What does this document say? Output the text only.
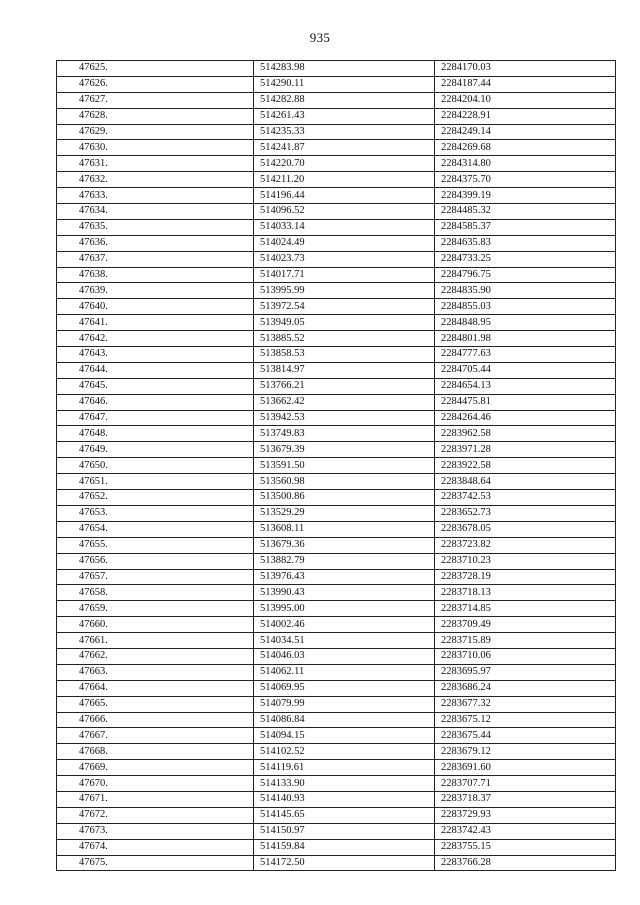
935
47625.	514283.98	2284170.03
47626.	514290.11	2284187.44
47627.	514282.88	2284204.10
47628.	514261.43	2284228.91
47629.	514235.33	2284249.14
47630.	514241.87	2284269.68
47631.	514220.70	2284314.80
47632.	514211.20	2284375.70
47633.	514196.44	2284399.19
47634.	514096.52	2284485.32
47635.	514033.14	2284585.37
47636.	514024.49	2284635.83
47637.	514023.73	2284733.25
47638.	514017.71	2284796.75
47639.	513995.99	2284835.90
47640.	513972.54	2284855.03
47641.	513949.05	2284848.95
47642.	513885.52	2284801.98
47643.	513858.53	2284777.63
47644.	513814.97	2284705.44
47645.	513766.21	2284654.13
47646.	513662.42	2284475.81
47647.	513942.53	2284264.46
47648.	513749.83	2283962.58
47649.	513679.39	2283971.28
47650.	513591.50	2283922.58
47651.	513560.98	2283848.64
47652.	513500.86	2283742.53
47653.	513529.29	2283652.73
47654.	513608.11	2283678.05
47655.	513679.36	2283723.82
47656.	513882.79	2283710.23
47657.	513976.43	2283728.19
47658.	513990.43	2283718.13
47659.	513995.00	2283714.85
47660.	514002.46	2283709.49
47661.	514034.51	2283715.89
47662.	514046.03	2283710.06
47663.	514062.11	2283695.97
47664.	514069.95	2283686.24
47665.	514079.99	2283677.32
47666.	514086.84	2283675.12
47667.	514094.15	2283675.44
47668.	514102.52	2283679.12
47669.	514119.61	2283691.60
47670.	514133.90	2283707.71
47671.	514140.93	2283718.37
47672.	514145.65	2283729.93
47673.	514150.97	2283742.43
47674.	514159.84	2283755.15
47675.	514172.50	2283766.28
